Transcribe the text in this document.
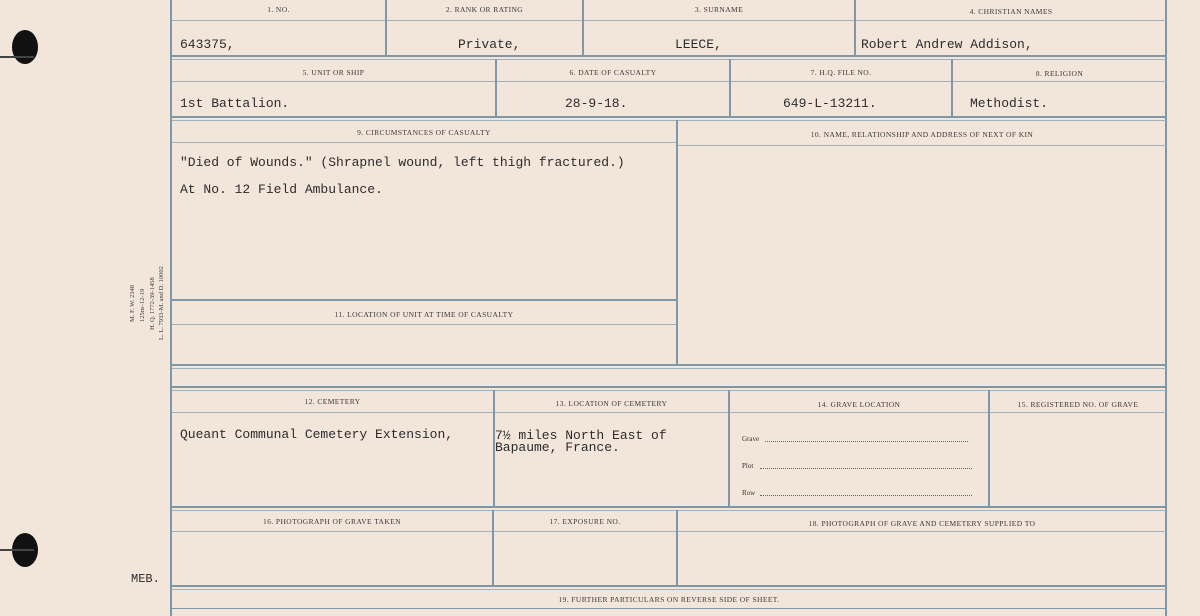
M. F. W. 2348 125m–12-19 H. Q. 1772-39-1458 L. L. 7933-M. and D. 10002
MEB.
1. NO.	2. RANK OR RATING	3. SURNAME	4. CHRISTIAN NAMES
643375,	Private,	LEECE,	Robert Andrew Addison,
5. UNIT OR SHIP	6. DATE OF CASUALTY	7. H.Q. FILE NO.	8. RELIGION
1st Battalion.	28-9-18.	649-L-13211.	Methodist.
9. CIRCUMSTANCES OF CASUALTY	10. NAME, RELATIONSHIP AND ADDRESS OF NEXT OF KIN
"Died of Wounds." (Shrapnel wound, left thigh fractured.)
At No. 12 Field Ambulance.
11. LOCATION OF UNIT AT TIME OF CASUALTY
12. CEMETERY	13. LOCATION OF CEMETERY	14. GRAVE LOCATION	15. REGISTERED NO. OF GRAVE
Queant Communal Cemetery Extension,	7½ miles North East of
Bapaume, France.
Grave
Plot
Row
16. PHOTOGRAPH OF GRAVE TAKEN	17. EXPOSURE NO.	18. PHOTOGRAPH OF GRAVE AND CEMETERY SUPPLIED TO
19. FURTHER PARTICULARS ON REVERSE SIDE OF SHEET.
